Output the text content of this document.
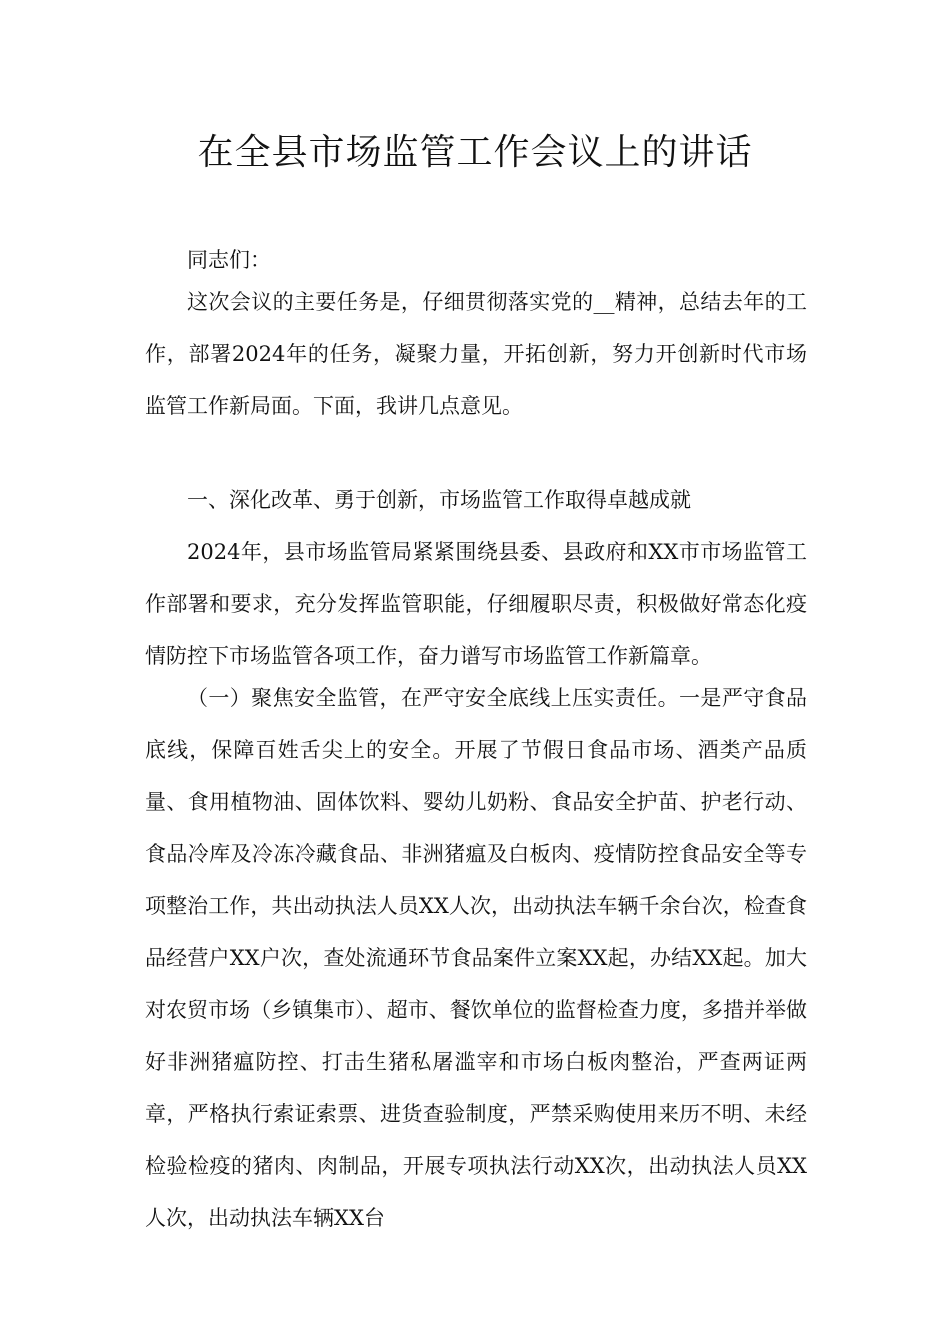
在全县市场监管工作会议上的讲话

同志们：

这次会议的主要任务是，仔细贯彻落实党的__精神，总结去年的工作，部署2024年的任务，凝聚力量，开拓创新，努力开创新时代市场监管工作新局面。下面，我讲几点意见。

一、深化改革、勇于创新，市场监管工作取得卓越成就

2024年，县市场监管局紧紧围绕县委、县政府和XX市市场监管工作部署和要求，充分发挥监管职能，仔细履职尽责，积极做好常态化疫情防控下市场监管各项工作，奋力谱写市场监管工作新篇章。

（一）聚焦安全监管，在严守安全底线上压实责任。一是严守食品底线，保障百姓舌尖上的安全。开展了节假日食品市场、酒类产品质量、食用植物油、固体饮料、婴幼儿奶粉、食品安全护苗、护老行动、食品冷库及冷冻冷藏食品、非洲猪瘟及白板肉、疫情防控食品安全等专项整治工作，共出动执法人员XX人次，出动执法车辆千余台次，检查食品经营户XX户次，查处流通环节食品案件立案XX起，办结XX起。加大对农贸市场（乡镇集市）、超市、餐饮单位的监督检查力度，多措并举做好非洲猪瘟防控、打击生猪私屠滥宰和市场白板肉整治，严查两证两章，严格执行索证索票、进货查验制度，严禁采购使用来历不明、未经检验检疫的猪肉、肉制品，开展专项执法行动XX次，出动执法人员XX人次，出动执法车辆XX台
